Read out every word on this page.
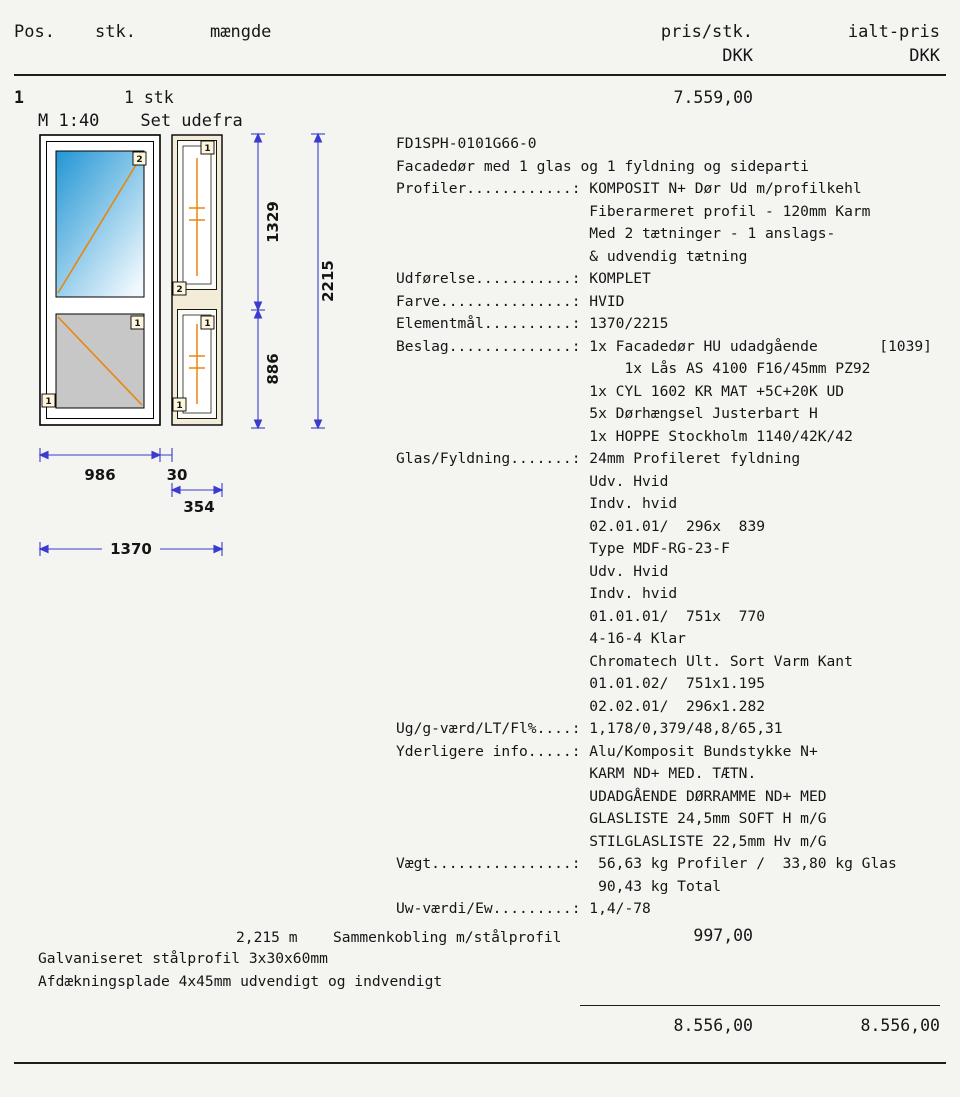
Pos. stk.	mængde	pris/stk.	ialt-pris
DKK	DKK
1	1 stk	7.559,00
M 1:40    Set udefra
2
1
2
1	1
1	1
1329
886
2215
986	30
354
1370
FD1SPH-0101G66-0
Facadedør med 1 glas og 1 fyldning og sideparti
Profiler............: KOMPOSIT N+ Dør Ud m/profilkehl
Fiberarmeret profil - 120mm Karm
Med 2 tætninger - 1 anslags-
& udvendig tætning
Udførelse...........: KOMPLET
Farve...............: HVID
Elementmål..........: 1370/2215
Beslag..............: 1x Facadedør HU udadgående       [1039]
1x Lås AS 4100 F16/45mm PZ92
1x CYL 1602 KR MAT +5C+20K UD
5x Dørhængsel Justerbart H
1x HOPPE Stockholm 1140/42K/42
Glas/Fyldning.......: 24mm Profileret fyldning
Udv. Hvid
Indv. hvid
02.01.01/  296x  839
Type MDF-RG-23-F
Udv. Hvid
Indv. hvid
01.01.01/  751x  770
4-16-4 Klar
Chromatech Ult. Sort Varm Kant
01.01.02/  751x1.195
02.02.01/  296x1.282
Ug/g-værd/LT/Fl%....: 1,178/0,379/48,8/65,31
Yderligere info.....: Alu/Komposit Bundstykke N+
KARM ND+ MED. TÆTN.
UDADGÅENDE DØRRAMME ND+ MED
GLASLISTE 24,5mm SOFT H m/G
STILGLASLISTE 22,5mm Hv m/G
Vægt................:  56,63 kg Profiler /  33,80 kg Glas
90,43 kg Total
Uw-værdi/Ew.........: 1,4/-78
2,215 m Sammenkobling m/stålprofil	997,00
Galvaniseret stålprofil 3x30x60mm
Afdækningsplade 4x45mm udvendigt og indvendigt
8.556,00	8.556,00
